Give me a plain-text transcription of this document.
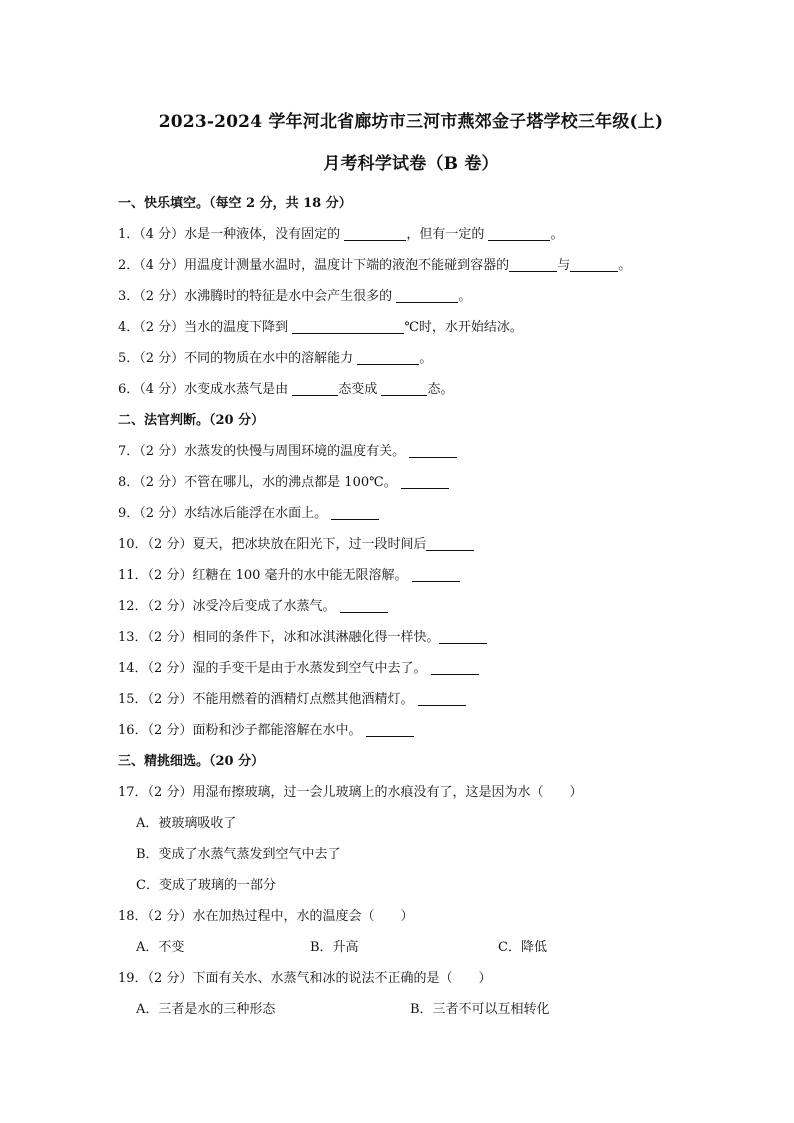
2023-2024 学年河北省廊坊市三河市燕郊金子塔学校三年级(上)
月考科学试卷（B 卷）
一、快乐填空。（每空 2 分，共 18 分）
1．（4 分）水是一种液体，没有固定的	，但有一定的	。
2．（4 分）用温度计测量水温时，温度计下端的液泡不能碰到容器的	与	。
3．（2 分）水沸腾时的特征是水中会产生很多的	。
4．（2 分）当水的温度下降到	℃时，水开始结冰。
5．（2 分）不同的物质在水中的溶解能力	。
6．（4 分）水变成水蒸气是由	态变成	态。
二、法官判断。（20 分）
7．（2 分）水蒸发的快慢与周围环境的温度有关。
8．（2 分）不管在哪儿，水的沸点都是 100℃。
9．（2 分）水结冰后能浮在水面上。
10．（2 分）夏天，把冰块放在阳光下，过一段时间后
11．（2 分）红糖在 100 毫升的水中能无限溶解。
12．（2 分）冰受冷后变成了水蒸气。
13．（2 分）相同的条件下，冰和冰淇淋融化得一样快。
14．（2 分）湿的手变干是由于水蒸发到空气中去了。
15．（2 分）不能用燃着的酒精灯点燃其他酒精灯。
16．（2 分）面粉和沙子都能溶解在水中。
三、精挑细选。（20 分）
17．（2 分）用湿布擦玻璃，过一会儿玻璃上的水痕没有了，这是因为水（　　）
A．被玻璃吸收了
B．变成了水蒸气蒸发到空气中去了
C．变成了玻璃的一部分
18．（2 分）水在加热过程中，水的温度会（　　）
A．不变	B．升高	C．降低
19．（2 分）下面有关水、水蒸气和冰的说法不正确的是（　　）
A．三者是水的三种形态	B．三者不可以互相转化
